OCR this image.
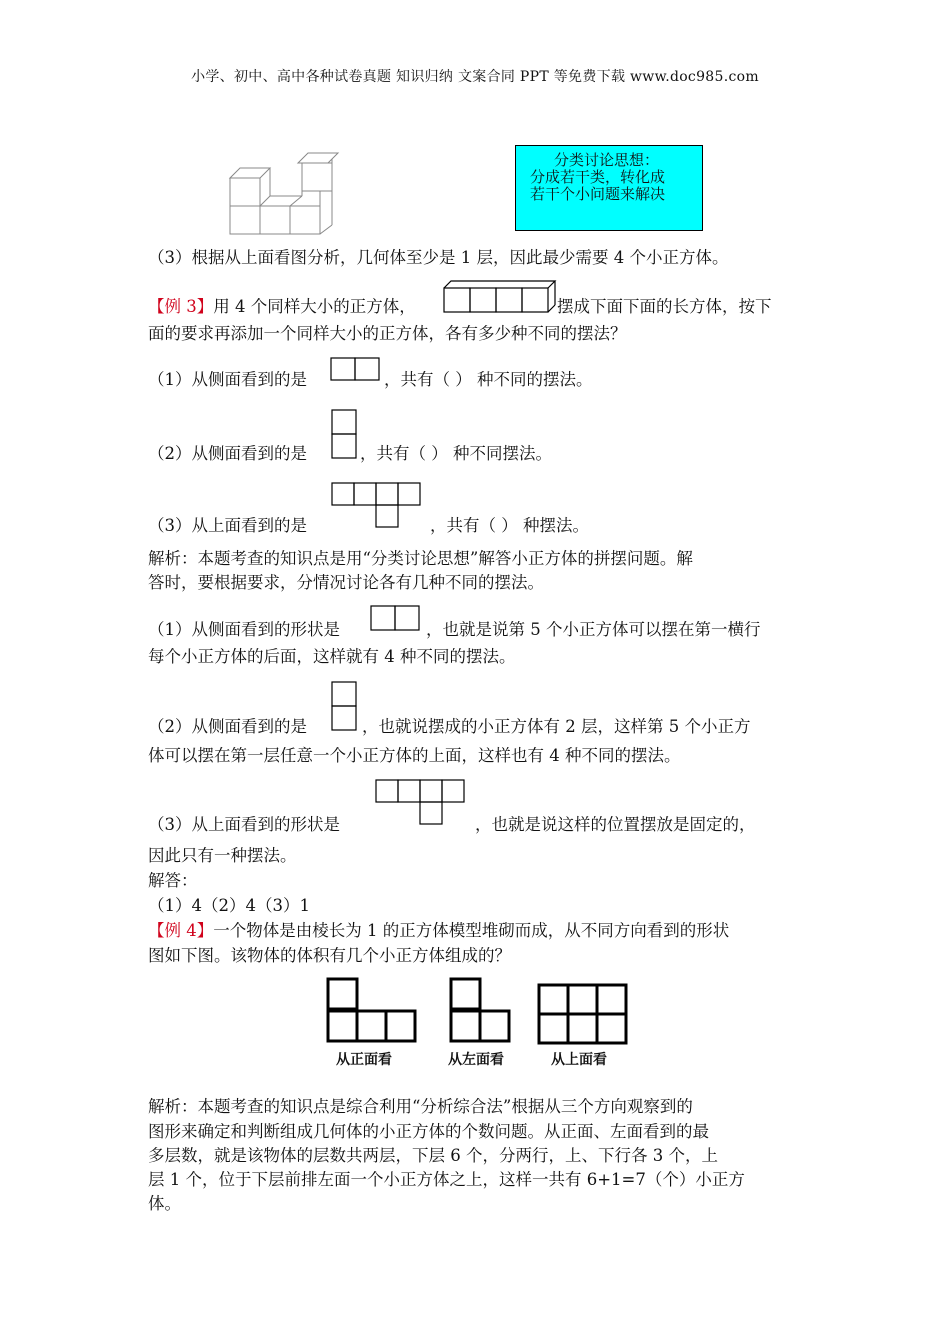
小学、初中、高中各种试卷真题 知识归纳 文案合同 PPT 等免费下载 www.doc985.com
分类讨论思想：
分成若干类，转化成
若干个小问题来解决
（3）根据从上面看图分析，几何体至少是 1 层，因此最少需要 4 个小正方体。
【例 3】用 4 个同样大小的正方体，	摆成下面下面的长方体，按下
面的要求再添加一个同样大小的正方体，各有多少种不同的摆法？
（1）从侧面看到的是	，共有（ ） 种不同的摆法。
（2）从侧面看到的是	，共有（ ） 种不同摆法。
（3）从上面看到的是	，共有（ ） 种摆法。
解析：本题考查的知识点是用“分类讨论思想”解答小正方体的拼摆问题。解
答时，要根据要求，分情况讨论各有几种不同的摆法。
（1）从侧面看到的形状是	，也就是说第 5 个小正方体可以摆在第一横行
每个小正方体的后面，这样就有 4 种不同的摆法。
（2）从侧面看到的是	，也就说摆成的小正方体有 2 层，这样第 5 个小正方
体可以摆在第一层任意一个小正方体的上面，这样也有 4 种不同的摆法。
（3）从上面看到的形状是	，也就是说这样的位置摆放是固定的，
因此只有一种摆法。
解答：
（1）4（2）4（3）1
【例 4】一个物体是由棱长为 1 的正方体模型堆砌而成，从不同方向看到的形状
图如下图。该物体的体积有几个小正方体组成的？
从正面看	从左面看	从上面看
解析：本题考查的知识点是综合利用“分析综合法”根据从三个方向观察到的
图形来确定和判断组成几何体的小正方体的个数问题。从正面、左面看到的最
多层数，就是该物体的层数共两层，下层 6 个，分两行，上、下行各 3 个，上
层 1 个，位于下层前排左面一个小正方体之上，这样一共有 6+1=7（个）小正方
体。
